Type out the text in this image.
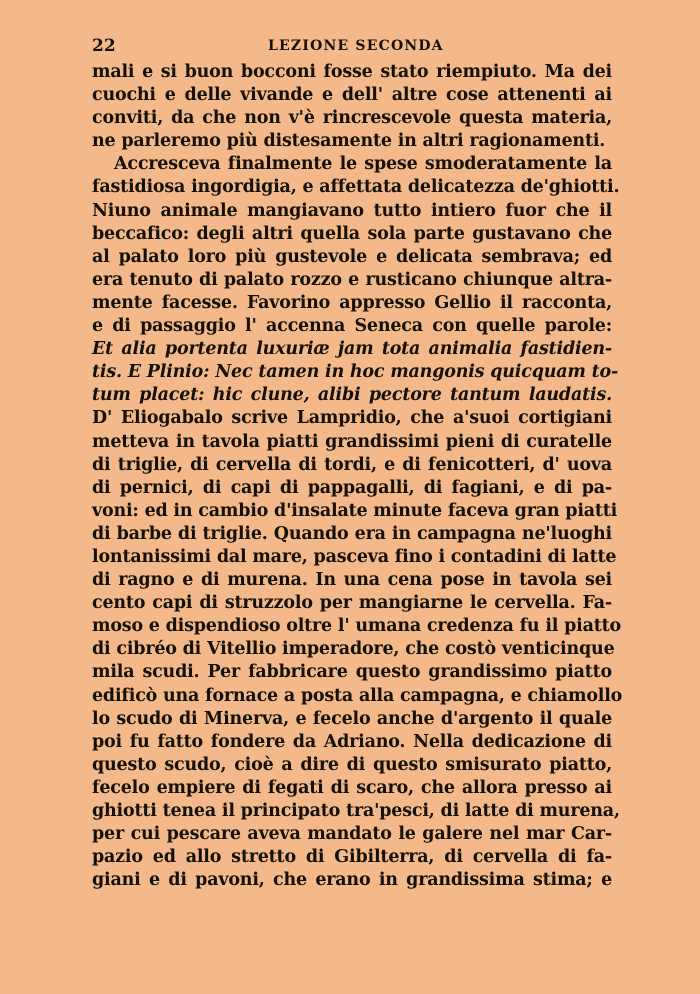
22	LEZIONE SECONDA
mali e si buon bocconi fosse stato riempiuto. Ma dei
cuochi e delle vivande e dell' altre cose attenenti ai
conviti, da che non v'è rincrescevole questa materia,
ne parleremo più distesamente in altri ragionamenti.
Accresceva finalmente le spese smoderatamente la
fastidiosa ingordigia, e affettata delicatezza de'ghiotti.
Niuno animale mangiavano tutto intiero fuor che il
beccafico: degli altri quella sola parte gustavano che
al palato loro più gustevole e delicata sembrava; ed
era tenuto di palato rozzo e rusticano chiunque altra-
mente facesse. Favorino appresso Gellio il racconta,
e di passaggio l' accenna Seneca con quelle parole:
Et alia portenta luxuriæ jam tota animalia fastidien-
tis. E Plinio: Nec tamen in hoc mangonis quicquam to-
tum placet: hic clune, alibi pectore tantum laudatis.
D' Eliogabalo scrive Lampridio, che a'suoi cortigiani
metteva in tavola piatti grandissimi pieni di curatelle
di triglie, di cervella di tordi, e di fenicotteri, d' uova
di pernici, di capi di pappagalli, di fagiani, e di pa-
voni: ed in cambio d'insalate minute faceva gran piatti
di barbe di triglie. Quando era in campagna ne'luoghi
lontanissimi dal mare, pasceva fino i contadini di latte
di ragno e di murena. In una cena pose in tavola sei
cento capi di struzzolo per mangiarne le cervella. Fa-
moso e dispendioso oltre l' umana credenza fu il piatto
di cibréo di Vitellio imperadore, che costò venticinque
mila scudi. Per fabbricare questo grandissimo piatto
edificò una fornace a posta alla campagna, e chiamollo
lo scudo di Minerva, e fecelo anche d'argento il quale
poi fu fatto fondere da Adriano. Nella dedicazione di
questo scudo, cioè a dire di questo smisurato piatto,
fecelo empiere di fegati di scaro, che allora presso ai
ghiotti tenea il principato tra'pesci, di latte di murena,
per cui pescare aveva mandato le galere nel mar Car-
pazio ed allo stretto di Gibilterra, di cervella di fa-
giani e di pavoni, che erano in grandissima stima; e
